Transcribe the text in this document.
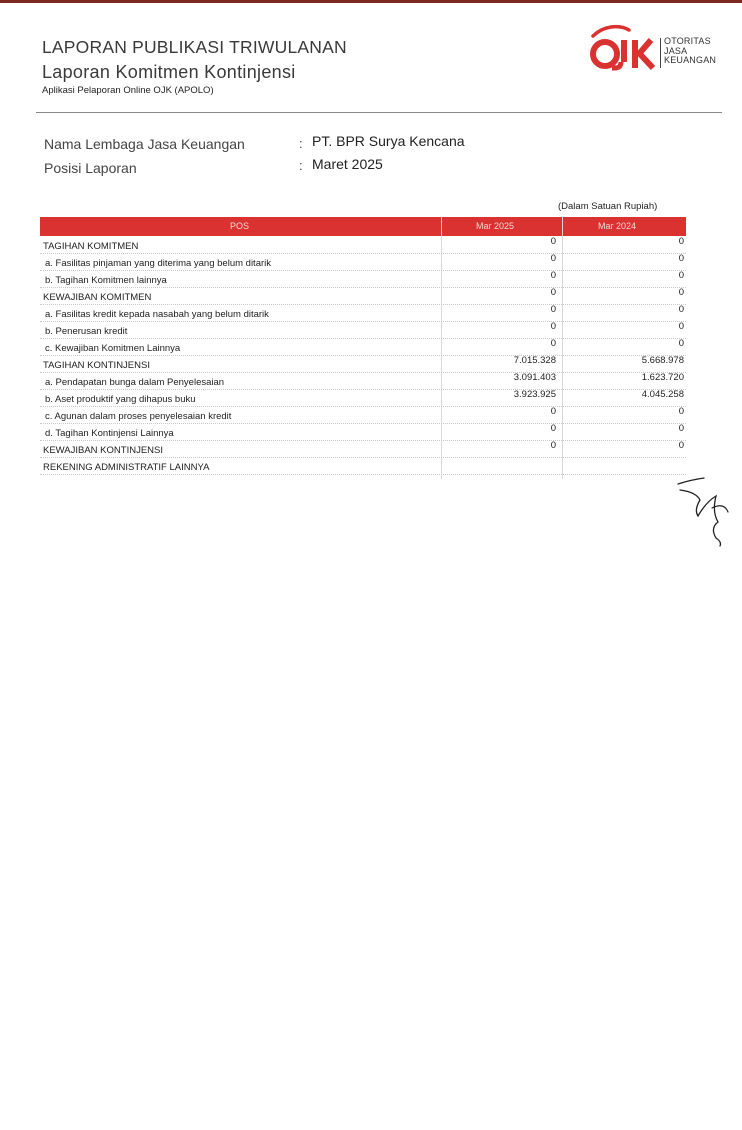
LAPORAN PUBLIKASI TRIWULANAN
Laporan Komitmen Kontinjensi
Aplikasi Pelaporan Online OJK (APOLO)
OTORITAS
JASA
KEUANGAN
Nama Lembaga Jasa Keuangan	: PT. BPR Surya Kencana
Posisi Laporan	: Maret 2025
(Dalam Satuan Rupiah)
POS	Mar 2025	Mar 2024
TAGIHAN KOMITMEN	0	0
a. Fasilitas pinjaman yang diterima yang belum ditarik	0	0
b. Tagihan Komitmen lainnya	0	0
KEWAJIBAN KOMITMEN	0	0
a. Fasilitas kredit kepada nasabah yang belum ditarik	0	0
b. Penerusan kredit	0	0
c. Kewajiban Komitmen Lainnya	0	0
TAGIHAN KONTINJENSI	7.015.328	5.668.978
a. Pendapatan bunga dalam Penyelesaian	3.091.403	1.623.720
b. Aset produktif yang dihapus buku	3.923.925	4.045.258
c. Agunan dalam proses penyelesaian kredit	0	0
d. Tagihan Kontinjensi Lainnya	0	0
KEWAJIBAN KONTINJENSI	0	0
REKENING ADMINISTRATIF LAINNYA
